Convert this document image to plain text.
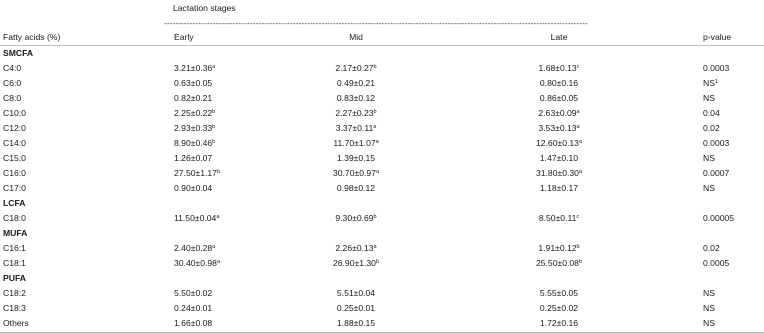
Lactation stages
----------------------------------------------------------------------------------------------------------------------------------------------------
Fatty acids (%)	Early	Mid	Late	p-value
SMCFA
C4:0	3.21±0.36$^a$	2.17±0.27$^b$	1.68±0.13$^c$	0.0003
C6:0	0.63±0.05	0.49±0.21	0.80±0.16	$NS^1$
C8:0	0.82±0.21	0.83±0.12	0.86±0.05	NS
C10:0	2.25±0.22$^b$	2.27±0.23$^b$	2.63±0.09$^a$	0.04
C12:0	2.93±0.33$^b$	3.37±0.11$^a$	3.53±0.13$^a$	0.02
C14:0	8.90±0.46$^b$	11.70±1.07$^a$	12.60±0.13$^a$	0.0003
C15:0	1.26±0.07	1.39±0.15	1.47±0.10	NS
C16:0	27.50±1.17$^b$	30.70±0.97$^a$	31.80±0.30$^a$	0.0007
C17:0	0.90±0.04	0.98±0.12	1.18±0.17	NS
LCFA
C18:0	11.50±0.04$^a$	9.30±0.69$^b$	8.50±0.11$^c$	0.00005
MUFA
C16:1	2.40±0.28$^a$	2.26±0.13$^a$	1.91±0.12$^b$	0.02
C18:1	30.40±0.98$^a$	26.90±1.30$^b$	25.50±0.08$^b$	0.0005
PUFA
C18:2	5.50±0.02	5.51±0.04	5.55±0.05	NS
C18:3	0.24±0.01	0.25±0.01	0.25±0.02	NS
Others	1.66±0.08	1.88±0.15	1.72±0.16	NS
